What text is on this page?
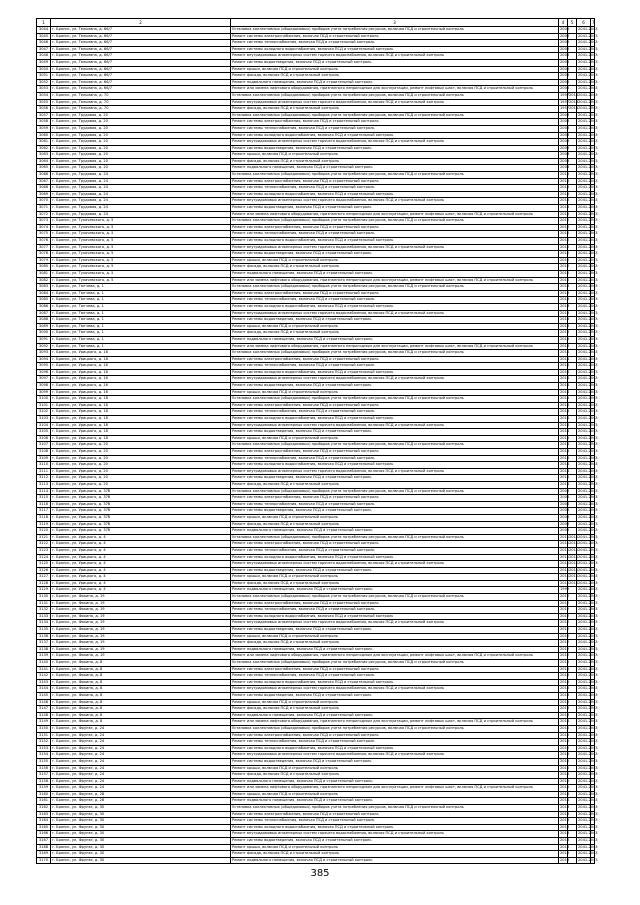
1	2	3	4	5	6	7
3044	г. Брянск, ул. Тельмана, д. 66/7	Установка коллективных (общедомовых) приборов учета потребления ресурсов, включая ПСД и строительный контроль	2008		2041-2043	
3045	г. Брянск, ул. Тельмана, д. 66/7	Ремонт системы электроснабжения, включая ПСД и строительный контроль	2008		2041-2043	
3046	г. Брянск, ул. Тельмана, д. 66/7	Ремонт системы теплоснабжения, включая ПСД и строительный контроль	2008		2041-2043	
3047	г. Брянск, ул. Тельмана, д. 66/7	Ремонт системы холодного водоснабжения, включая ПСД и строительный контроль	2008		2041-2043	
3048	г. Брянск, ул. Тельмана, д. 66/7	Ремонт внутридомовых инженерных систем горячего водоснабжения, включая ПСД и строительный контроль	2008		2041-2043	
3049	г. Брянск, ул. Тельмана, д. 66/7	Ремонт системы водоотведения, включая ПСД и строительный контроль	2008		2041-2043	
3050	г. Брянск, ул. Тельмана, д. 66/7	Ремонт крыши, включая ПСД и строительный контроль	2008		2041-2043	
3051	г. Брянск, ул. Тельмана, д. 66/7	Ремонт фасада, включая ПСД и строительный контроль	2008		2041-2043	
3052	г. Брянск, ул. Тельмана, д. 66/7	Ремонт подвального помещения, включая ПСД и строительный контроль	2008		2041-2043	
3053	г. Брянск, ул. Тельмана, д. 66/7	Ремонт или замена лифтового оборудования, признанного непригодным для эксплуатации, ремонт лифтовых шахт, включая ПСД и строительный контроль	2008		2041-2043	
3054	г. Брянск, ул. Тельмана, д. 70	Установка коллективных (общедомовых) приборов учета потребления ресурсов, включая ПСД и строительный контроль	1957	2013	2041-2043	
3055	г. Брянск, ул. Тельмана, д. 70	Ремонт внутридомовых инженерных систем горячего водоснабжения, включая ПСД и строительный контроль	1957	2013	2041-2043	
3056	г. Брянск, ул. Тельмана, д. 70	Ремонт фасада, включая ПСД и строительный контроль	1957	2013	2041-2043	
3057	г. Брянск, ул. Трудовая, д. 20	Установка коллективных (общедомовых) приборов учета потребления ресурсов, включая ПСД и строительный контроль	2003		2041-2043	
3058	г. Брянск, ул. Трудовая, д. 20	Ремонт системы электроснабжения, включая ПСД и строительный контроль	2003		2041-2043	
3059	г. Брянск, ул. Трудовая, д. 20	Ремонт системы теплоснабжения, включая ПСД и строительный контроль	2003		2041-2043	
3060	г. Брянск, ул. Трудовая, д. 20	Ремонт системы холодного водоснабжения, включая ПСД и строительный контроль	2003		2041-2043	
3061	г. Брянск, ул. Трудовая, д. 20	Ремонт внутридомовых инженерных систем горячего водоснабжения, включая ПСД и строительный контроль	2003		2041-2043	
3062	г. Брянск, ул. Трудовая, д. 20	Ремонт системы водоотведения, включая ПСД и строительный контроль	2003		2041-2043	
3063	г. Брянск, ул. Трудовая, д. 20	Ремонт крыши, включая ПСД и строительный контроль	2003		2041-2043	
3064	г. Брянск, ул. Трудовая, д. 20	Ремонт фасада, включая ПСД и строительный контроль	2003		2041-2043	
3065	г. Брянск, ул. Трудовая, д. 20	Ремонт подвального помещения, включая ПСД и строительный контроль	2003		2041-2043	
3066	г. Брянск, ул. Трудовая, д. 24	Установка коллективных (общедомовых) приборов учета потребления ресурсов, включая ПСД и строительный контроль	2016		2041-2043	
3067	г. Брянск, ул. Трудовая, д. 24	Ремонт системы электроснабжения, включая ПСД и строительный контроль	2016		2041-2043	
3068	г. Брянск, ул. Трудовая, д. 24	Ремонт системы теплоснабжения, включая ПСД и строительный контроль	2016		2041-2043	
3069	г. Брянск, ул. Трудовая, д. 24	Ремонт системы холодного водоснабжения, включая ПСД и строительный контроль	2016		2041-2043	
3070	г. Брянск, ул. Трудовая, д. 24	Ремонт внутридомовых инженерных систем горячего водоснабжения, включая ПСД и строительный контроль	2016		2041-2043	
3071	г. Брянск, ул. Трудовая, д. 24	Ремонт системы водоотведения, включая ПСД и строительный контроль	2016		2041-2043	
3072	г. Брянск, ул. Трудовая, д. 24	Ремонт или замена лифтового оборудования, признанного непригодным для эксплуатации, ремонт лифтовых шахт, включая ПСД и строительный контроль	2016		2041-2043	
3073	г. Брянск, ул. Тухачевского, д. 5	Установка коллективных (общедомовых) приборов учета потребления ресурсов, включая ПСД и строительный контроль	2010		2041-2043	
3074	г. Брянск, ул. Тухачевского, д. 5	Ремонт системы электроснабжения, включая ПСД и строительный контроль	2010		2041-2043	
3075	г. Брянск, ул. Тухачевского, д. 5	Ремонт системы теплоснабжения, включая ПСД и строительный контроль	2010		2041-2043	
3076	г. Брянск, ул. Тухачевского, д. 5	Ремонт системы холодного водоснабжения, включая ПСД и строительный контроль	2010		2041-2043	
3077	г. Брянск, ул. Тухачевского, д. 5	Ремонт внутридомовых инженерных систем горячего водоснабжения, включая ПСД и строительный контроль	2010		2041-2043	
3078	г. Брянск, ул. Тухачевского, д. 5	Ремонт системы водоотведения, включая ПСД и строительный контроль	2010		2041-2043	
3079	г. Брянск, ул. Тухачевского, д. 5	Ремонт крыши, включая ПСД и строительный контроль	2010		2041-2043	
3080	г. Брянск, ул. Тухачевского, д. 5	Ремонт фасада, включая ПСД и строительный контроль	2010		2041-2043	
3081	г. Брянск, ул. Тухачевского, д. 5	Ремонт подвального помещения, включая ПСД и строительный контроль	2010		2041-2043	
3082	г. Брянск, ул. Тухачевского, д. 5	Ремонт или замена лифтового оборудования, признанного непригодным для эксплуатации, ремонт лифтовых шахт, включая ПСД и строительный контроль	2010		2041-2043	
3083	г. Брянск, ул. Тютчева, д. 1	Установка коллективных (общедомовых) приборов учета потребления ресурсов, включая ПСД и строительный контроль	2013		2041-2043	
3084	г. Брянск, ул. Тютчева, д. 1	Ремонт системы электроснабжения, включая ПСД и строительный контроль	2013		2041-2043	
3085	г. Брянск, ул. Тютчева, д. 1	Ремонт системы теплоснабжения, включая ПСД и строительный контроль	2013		2041-2043	
3086	г. Брянск, ул. Тютчева, д. 1	Ремонт системы холодного водоснабжения, включая ПСД и строительный контроль	2013		2041-2043	
3087	г. Брянск, ул. Тютчева, д. 1	Ремонт внутридомовых инженерных систем горячего водоснабжения, включая ПСД и строительный контроль	2013		2041-2043	
3088	г. Брянск, ул. Тютчева, д. 1	Ремонт системы водоотведения, включая ПСД и строительный контроль	2013		2041-2043	
3089	г. Брянск, ул. Тютчева, д. 1	Ремонт крыши, включая ПСД и строительный контроль	2013		2041-2043	
3090	г. Брянск, ул. Тютчева, д. 1	Ремонт фасада, включая ПСД и строительный контроль	2013		2041-2043	
3091	г. Брянск, ул. Тютчева, д. 1	Ремонт подвального помещения, включая ПСД и строительный контроль	2013		2041-2043	
3092	г. Брянск, ул. Тютчева, д. 1	Ремонт или замена лифтового оборудования, признанного непригодным для эксплуатации, ремонт лифтовых шахт, включая ПСД и строительный контроль	2013		2041-2043	
3093	г. Брянск, ул. Урицкого, д. 16	Установка коллективных (общедомовых) приборов учета потребления ресурсов, включая ПСД и строительный контроль	2014		2041-2043	
3094	г. Брянск, ул. Урицкого, д. 16	Ремонт системы электроснабжения, включая ПСД и строительный контроль	2014		2041-2043	
3095	г. Брянск, ул. Урицкого, д. 16	Ремонт системы теплоснабжения, включая ПСД и строительный контроль	2014		2041-2043	
3096	г. Брянск, ул. Урицкого, д. 16	Ремонт системы холодного водоснабжения, включая ПСД и строительный контроль	2014		2041-2043	
3097	г. Брянск, ул. Урицкого, д. 16	Ремонт внутридомовых инженерных систем горячего водоснабжения, включая ПСД и строительный контроль	2014		2041-2043	
3098	г. Брянск, ул. Урицкого, д. 16	Ремонт системы водоотведения, включая ПСД и строительный контроль	2014		2041-2043	
3099	г. Брянск, ул. Урицкого, д. 16	Ремонт крыши, включая ПСД и строительный контроль	2014		2041-2043	
3100	г. Брянск, ул. Урицкого, д. 18	Установка коллективных (общедомовых) приборов учета потребления ресурсов, включая ПСД и строительный контроль	2014		2041-2043	
3101	г. Брянск, ул. Урицкого, д. 18	Ремонт системы электроснабжения, включая ПСД и строительный контроль	2014		2041-2043	
3102	г. Брянск, ул. Урицкого, д. 18	Ремонт системы теплоснабжения, включая ПСД и строительный контроль	2014		2041-2043	
3103	г. Брянск, ул. Урицкого, д. 18	Ремонт системы холодного водоснабжения, включая ПСД и строительный контроль	2014		2041-2043	
3104	г. Брянск, ул. Урицкого, д. 18	Ремонт внутридомовых инженерных систем горячего водоснабжения, включая ПСД и строительный контроль	2014		2041-2043	
3105	г. Брянск, ул. Урицкого, д. 18	Ремонт системы водоотведения, включая ПСД и строительный контроль	2014		2041-2043	
3106	г. Брянск, ул. Урицкого, д. 18	Ремонт крыши, включая ПСД и строительный контроль	2014		2041-2043	
3107	г. Брянск, ул. Урицкого, д. 20	Установка коллективных (общедомовых) приборов учета потребления ресурсов, включая ПСД и строительный контроль	2014		2041-2043	
3108	г. Брянск, ул. Урицкого, д. 20	Ремонт системы электроснабжения, включая ПСД и строительный контроль	2014		2041-2043	
3109	г. Брянск, ул. Урицкого, д. 20	Ремонт системы теплоснабжения, включая ПСД и строительный контроль	2014		2041-2043	
3110	г. Брянск, ул. Урицкого, д. 20	Ремонт системы холодного водоснабжения, включая ПСД и строительный контроль	2014		2041-2043	
3111	г. Брянск, ул. Урицкого, д. 20	Ремонт внутридомовых инженерных систем горячего водоснабжения, включая ПСД и строительный контроль	2014		2041-2043	
3112	г. Брянск, ул. Урицкого, д. 20	Ремонт системы водоотведения, включая ПСД и строительный контроль	2014		2041-2043	
3113	г. Брянск, ул. Урицкого, д. 20	Ремонт фасада, включая ПСД и строительный контроль	2014		2041-2043	
3114	г. Брянск, ул. Урицкого, д. 37б	Установка коллективных (общедомовых) приборов учета потребления ресурсов, включая ПСД и строительный контроль	2008		2041-2043	
3115	г. Брянск, ул. Урицкого, д. 37б	Ремонт системы электроснабжения, включая ПСД и строительный контроль	2008		2041-2043	
3116	г. Брянск, ул. Урицкого, д. 37б	Ремонт системы теплоснабжения, включая ПСД и строительный контроль	2008		2041-2043	
3117	г. Брянск, ул. Урицкого, д. 37б	Ремонт системы водоотведения, включая ПСД и строительный контроль	2008		2041-2043	
3118	г. Брянск, ул. Урицкого, д. 37б	Ремонт крыши, включая ПСД и строительный контроль	2008		2041-2043	
3119	г. Брянск, ул. Урицкого, д. 37б	Ремонт фасада, включая ПСД и строительный контроль	2008		2041-2043	
3120	г. Брянск, ул. Урицкого, д. 37б	Ремонт подвального помещения, включая ПСД и строительный контроль	2008		2041-2043	
3121	г. Брянск, ул. Урицкого, д. 4	Установка коллективных (общедомовых) приборов учета потребления ресурсов, включая ПСД и строительный контроль	2011	2011	2041-2043	
3122	г. Брянск, ул. Урицкого, д. 4	Ремонт системы электроснабжения, включая ПСД и строительный контроль	2011	2011	2041-2043	
3123	г. Брянск, ул. Урицкого, д. 4	Ремонт системы теплоснабжения, включая ПСД и строительный контроль	2011	2011	2041-2043	
3124	г. Брянск, ул. Урицкого, д. 4	Ремонт системы холодного водоснабжения, включая ПСД и строительный контроль	2011	2011	2041-2043	
3125	г. Брянск, ул. Урицкого, д. 4	Ремонт внутридомовых инженерных систем горячего водоснабжения, включая ПСД и строительный контроль	2011	2011	2041-2043	
3126	г. Брянск, ул. Урицкого, д. 4	Ремонт системы водоотведения, включая ПСД и строительный контроль	2011	2011	2041-2043	
3127	г. Брянск, ул. Урицкого, д. 4	Ремонт крыши, включая ПСД и строительный контроль	2011	2011	2041-2043	
3128	г. Брянск, ул. Урицкого, д. 4	Ремонт фасада, включая ПСД и строительный контроль	2011	2011	2041-2043	
3129	г. Брянск, ул. Урицкого, д. 4	Ремонт подвального помещения, включая ПСД и строительный контроль	1999		2041-2043	
3130	г. Брянск, ул. Фокина, д. 19	Установка коллективных (общедомовых) приборов учета потребления ресурсов, включая ПСД и строительный контроль	2012		2041-2043	
3131	г. Брянск, ул. Фокина, д. 19	Ремонт системы электроснабжения, включая ПСД и строительный контроль	2012		2041-2043	
3132	г. Брянск, ул. Фокина, д. 19	Ремонт системы теплоснабжения, включая ПСД и строительный контроль	2012		2041-2043	
3133	г. Брянск, ул. Фокина, д. 19	Ремонт системы холодного водоснабжения, включая ПСД и строительный контроль	2012		2041-2043	
3134	г. Брянск, ул. Фокина, д. 19	Ремонт внутридомовых инженерных систем горячего водоснабжения, включая ПСД и строительный контроль	2012		2041-2043	
3135	г. Брянск, ул. Фокина, д. 19	Ремонт системы водоотведения, включая ПСД и строительный контроль	2012		2041-2043	
3136	г. Брянск, ул. Фокина, д. 19	Ремонт крыши, включая ПСД и строительный контроль	2012		2041-2043	
3137	г. Брянск, ул. Фокина, д. 19	Ремонт фасада, включая ПСД и строительный контроль	2012		2041-2043	
3138	г. Брянск, ул. Фокина, д. 19	Ремонт подвального помещения, включая ПСД и строительный контроль	2012		2041-2043	
3139	г. Брянск, ул. Фокина, д. 19	Ремонт или замена лифтового оборудования, признанного непригодным для эксплуатации, ремонт лифтовых шахт, включая ПСД и строительный контроль	2012		2041-2043	
3140	г. Брянск, ул. Фокина, д. 8	Установка коллективных (общедомовых) приборов учета потребления ресурсов, включая ПСД и строительный контроль	2016		2041-2043	
3141	г. Брянск, ул. Фокина, д. 8	Ремонт системы электроснабжения, включая ПСД и строительный контроль	2016		2041-2043	
3142	г. Брянск, ул. Фокина, д. 8	Ремонт системы теплоснабжения, включая ПСД и строительный контроль	2016		2041-2043	
3143	г. Брянск, ул. Фокина, д. 8	Ремонт системы холодного водоснабжения, включая ПСД и строительный контроль	2016		2041-2043	
3144	г. Брянск, ул. Фокина, д. 8	Ремонт внутридомовых инженерных систем горячего водоснабжения, включая ПСД и строительный контроль	2016		2041-2043	
3145	г. Брянск, ул. Фокина, д. 8	Ремонт системы водоотведения, включая ПСД и строительный контроль	2016		2041-2043	
3146	г. Брянск, ул. Фокина, д. 8	Ремонт крыши, включая ПСД и строительный контроль	2016		2041-2043	
3147	г. Брянск, ул. Фокина, д. 8	Ремонт фасада, включая ПСД и строительный контроль	2016		2041-2043	
3148	г. Брянск, ул. Фокина, д. 8	Ремонт подвального помещения, включая ПСД и строительный контроль	2016		2041-2043	
3149	г. Брянск, ул. Фокина, д. 8	Ремонт или замена лифтового оборудования, признанного непригодным для эксплуатации, ремонт лифтовых шахт, включая ПСД и строительный контроль	2016		2041-2043	
3150	г. Брянск, ул. Фрунзе, д. 24	Установка коллективных (общедомовых) приборов учета потребления ресурсов, включая ПСД и строительный контроль	2015		2041-2043	
3151	г. Брянск, ул. Фрунзе, д. 24	Ремонт системы электроснабжения, включая ПСД и строительный контроль	2015		2041-2043	
3152	г. Брянск, ул. Фрунзе, д. 24	Ремонт системы теплоснабжения, включая ПСД и строительный контроль	2015		2041-2043	
3153	г. Брянск, ул. Фрунзе, д. 24	Ремонт системы холодного водоснабжения, включая ПСД и строительный контроль	2015		2041-2043	
3154	г. Брянск, ул. Фрунзе, д. 24	Ремонт внутридомовых инженерных систем горячего водоснабжения, включая ПСД и строительный контроль	2015		2041-2043	
3155	г. Брянск, ул. Фрунзе, д. 24	Ремонт системы водоотведения, включая ПСД и строительный контроль	2015		2041-2043	
3156	г. Брянск, ул. Фрунзе, д. 24	Ремонт крыши, включая ПСД и строительный контроль	2015		2041-2043	
3157	г. Брянск, ул. Фрунзе, д. 24	Ремонт фасада, включая ПСД и строительный контроль	2015		2041-2043	
3158	г. Брянск, ул. Фрунзе, д. 24	Ремонт подвального помещения, включая ПСД и строительный контроль	2015		2041-2043	
3159	г. Брянск, ул. Фрунзе, д. 24	Ремонт или замена лифтового оборудования, признанного непригодным для эксплуатации, ремонт лифтовых шахт, включая ПСД и строительный контроль	2015		2041-2043	
3160	г. Брянск, ул. Фрунзе, д. 28	Ремонт крыши, включая ПСД и строительный контроль	2014		2041-2043	
3161	г. Брянск, ул. Фрунзе, д. 28	Ремонт подвального помещения, включая ПСД и строительный контроль	2014		2041-2043	
3162	г. Брянск, ул. Фрунзе, д. 30	Установка коллективных (общедомовых) приборов учета потребления ресурсов, включая ПСД и строительный контроль	2013		2041-2043	
3163	г. Брянск, ул. Фрунзе, д. 30	Ремонт системы электроснабжения, включая ПСД и строительный контроль	2013		2041-2043	
3164	г. Брянск, ул. Фрунзе, д. 30	Ремонт системы теплоснабжения, включая ПСД и строительный контроль	2013		2041-2043	
3165	г. Брянск, ул. Фрунзе, д. 30	Ремонт системы холодного водоснабжения, включая ПСД и строительный контроль	2013		2041-2043	
3166	г. Брянск, ул. Фрунзе, д. 30	Ремонт внутридомовых инженерных систем горячего водоснабжения, включая ПСД и строительный контроль	2013		2041-2043	
3167	г. Брянск, ул. Фрунзе, д. 30	Ремонт системы водоотведения, включая ПСД и строительный контроль	2013		2041-2043	
3168	г. Брянск, ул. Фрунзе, д. 30	Ремонт крыши, включая ПСД и строительный контроль	2013		2041-2043	
3169	г. Брянск, ул. Фрунзе, д. 30	Ремонт фасада, включая ПСД и строительный контроль	2013		2041-2043	
3170	г. Брянск, ул. Фрунзе, д. 30	Ремонт подвального помещения, включая ПСД и строительный контроль	2013		2041-2043	
385
